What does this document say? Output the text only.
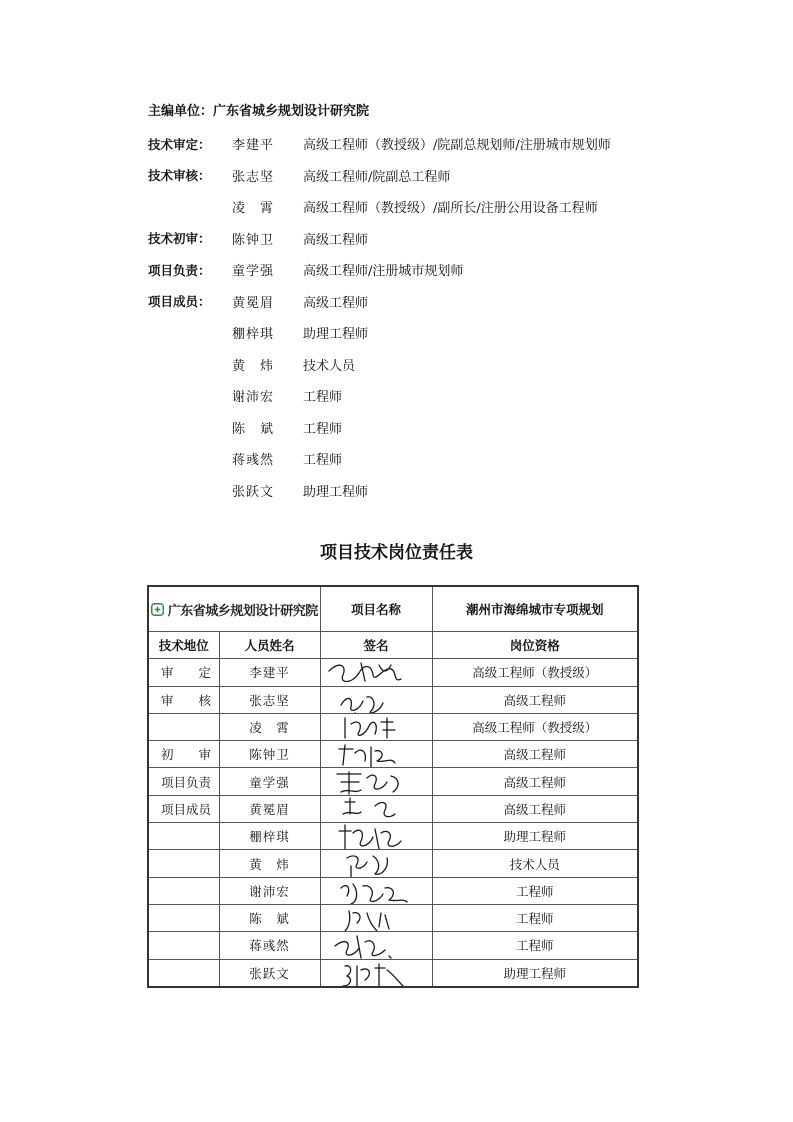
主编单位：广东省城乡规划设计研究院
技术审定：	李建平	高级工程师（教授级）/院副总规划师/注册城市规划师
技术审核：	张志坚	高级工程师/院副总工程师
凌　霄	高级工程师（教授级）/副所长/注册公用设备工程师
技术初审：	陈钟卫	高级工程师
项目负责：	童学强	高级工程师/注册城市规划师
项目成员：	黄冕眉	高级工程师
稝梓琪	助理工程师
黄　炜	技术人员
谢沛宏	工程师
陈　斌	工程师
蒋彧然	工程师
张跃文	助理工程师
项目技术岗位责任表
广东省城乡规划设计研究院		项目名称	潮州市海绵城市专项规划
技术地位	人员姓名	签名	岗位资格
审　　定	李建平		高级工程师（教授级）
审　　核	张志坚		高级工程师
	凌　霄		高级工程师（教授级）
初　　审	陈钟卫		高级工程师
项目负责	童学强		高级工程师
项目成员	黄冕眉		高级工程师
	稝梓琪		助理工程师
	黄　炜		技术人员
	谢沛宏		工程师
	陈　斌		工程师
	蒋彧然		工程师
	张跃文		助理工程师
